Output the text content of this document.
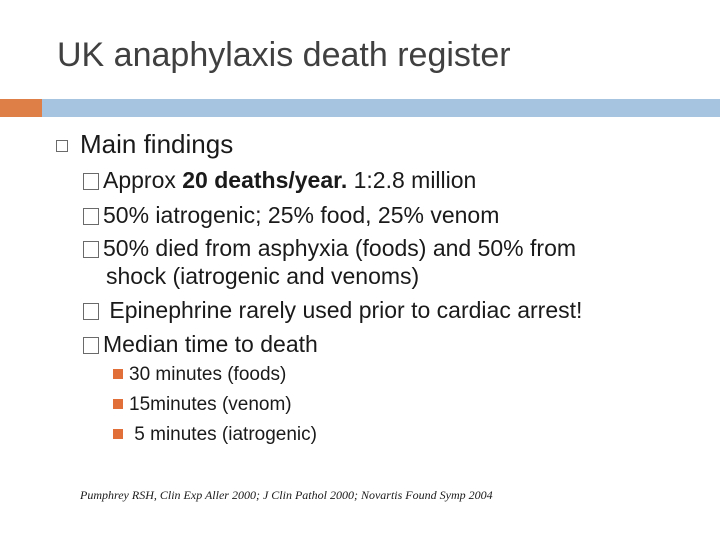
UK anaphylaxis death register
Main findings
Approx 20 deaths/year. 1:2.8 million
50% iatrogenic; 25% food, 25% venom
50% died from asphyxia (foods) and 50% from
shock (iatrogenic and venoms)
Epinephrine rarely used prior to cardiac arrest!
Median time to death
30 minutes (foods)
15minutes (venom)
5 minutes (iatrogenic)
Pumphrey RSH, Clin Exp Aller 2000; J Clin Pathol 2000; Novartis Found Symp 2004
